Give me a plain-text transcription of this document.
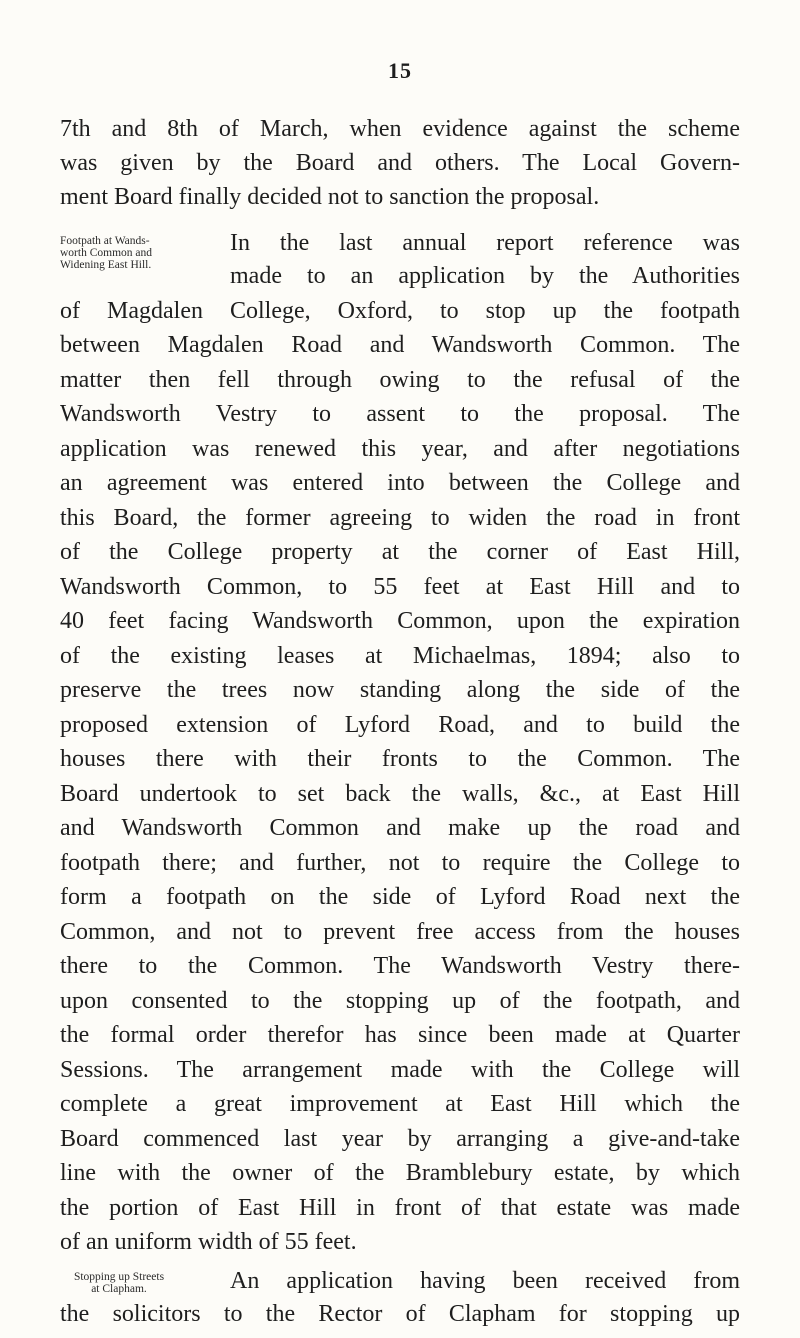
15
7th and 8th of March, when evidence against the scheme
was given by the Board and others. The Local Govern-
ment Board finally decided not to sanction the proposal.
Footpath at Wands-
worth Common and
Widening East Hill.
In the last annual report reference was
made to an application by the Authorities
of Magdalen College, Oxford, to stop up the footpath
between Magdalen Road and Wandsworth Common. The
matter then fell through owing to the refusal of the
Wandsworth Vestry to assent to the proposal. The
application was renewed this year, and after negotiations
an agreement was entered into between the College and
this Board, the former agreeing to widen the road in front
of the College property at the corner of East Hill,
Wandsworth Common, to 55 feet at East Hill and to
40 feet facing Wandsworth Common, upon the expiration
of the existing leases at Michaelmas, 1894; also to
preserve the trees now standing along the side of the
proposed extension of Lyford Road, and to build the
houses there with their fronts to the Common. The
Board undertook to set back the walls, &c., at East Hill
and Wandsworth Common and make up the road and
footpath there; and further, not to require the College to
form a footpath on the side of Lyford Road next the
Common, and not to prevent free access from the houses
there to the Common. The Wandsworth Vestry there-
upon consented to the stopping up of the footpath, and
the formal order therefor has since been made at Quarter
Sessions. The arrangement made with the College will
complete a great improvement at East Hill which the
Board commenced last year by arranging a give-and-take
line with the owner of the Bramblebury estate, by which
the portion of East Hill in front of that estate was made
of an uniform width of 55 feet.
Stopping up Streets
at Clapham.	An application having been received from
the solicitors to the Rector of Clapham for stopping up
